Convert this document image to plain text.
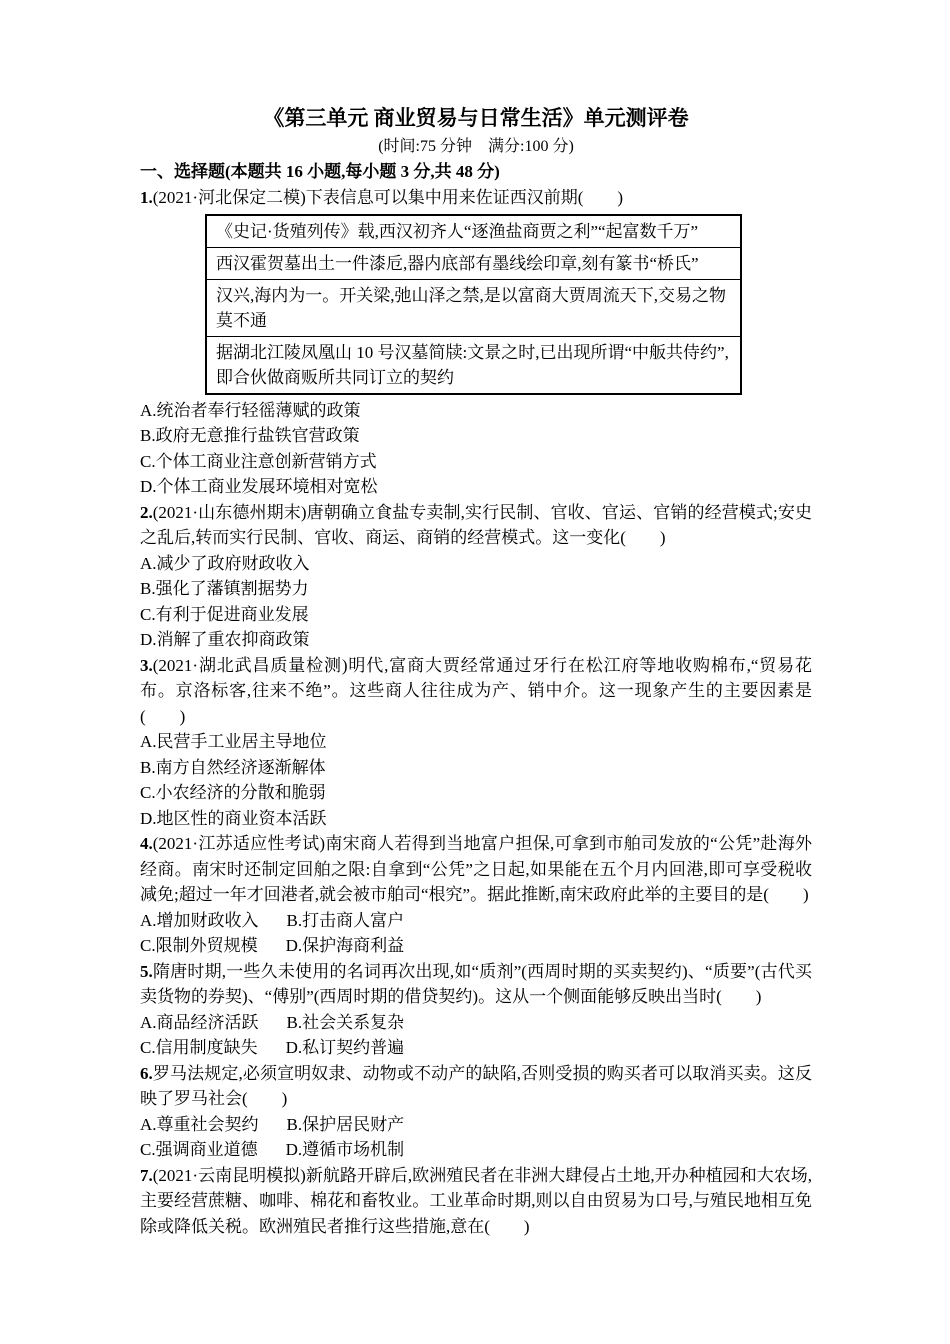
《第三单元 商业贸易与日常生活》单元测评卷
(时间:75 分钟　满分:100 分)
一、选择题(本题共 16 小题,每小题 3 分,共 48 分)
1.(2021·河北保定二模)下表信息可以集中用来佐证西汉前期(　　)
《史记·货殖列传》载,西汉初齐人“逐渔盐商贾之利”“起富数千万”
西汉霍贺墓出土一件漆卮,器内底部有墨线绘印章,刻有篆书“桥氏”
汉兴,海内为一。开关梁,弛山泽之禁,是以富商大贾周流天下,交易之物莫不通
据湖北江陵凤凰山 10 号汉墓简牍:文景之时,已出现所谓“中舨共侍约”,即合伙做商贩所共同订立的契约
A.统治者奉行轻徭薄赋的政策
B.政府无意推行盐铁官营政策
C.个体工商业注意创新营销方式
D.个体工商业发展环境相对宽松
2.(2021·山东德州期末)唐朝确立食盐专卖制,实行民制、官收、官运、官销的经营模式;安史之乱后,转而实行民制、官收、商运、商销的经营模式。这一变化(　　)
A.减少了政府财政收入
B.强化了藩镇割据势力
C.有利于促进商业发展
D.消解了重农抑商政策
3.(2021·湖北武昌质量检测)明代,富商大贾经常通过牙行在松江府等地收购棉布,“贸易花布。京洛标客,往来不绝”。这些商人往往成为产、销中介。这一现象产生的主要因素是(　　)
A.民营手工业居主导地位
B.南方自然经济逐渐解体
C.小农经济的分散和脆弱
D.地区性的商业资本活跃
4.(2021·江苏适应性考试)南宋商人若得到当地富户担保,可拿到市舶司发放的“公凭”赴海外经商。南宋时还制定回舶之限:自拿到“公凭”之日起,如果能在五个月内回港,即可享受税收减免;超过一年才回港者,就会被市舶司“根究”。据此推断,南宋政府此举的主要目的是(　　)
A.增加财政收入 B.打击商人富户
C.限制外贸规模 D.保护海商利益
5.隋唐时期,一些久未使用的名词再次出现,如“质剂”(西周时期的买卖契约)、“质要”(古代买卖货物的券契)、“傅别”(西周时期的借贷契约)。这从一个侧面能够反映出当时(　　)
A.商品经济活跃 B.社会关系复杂
C.信用制度缺失 D.私订契约普遍
6.罗马法规定,必须宣明奴隶、动物或不动产的缺陷,否则受损的购买者可以取消买卖。这反映了罗马社会(　　)
A.尊重社会契约 B.保护居民财产
C.强调商业道德 D.遵循市场机制
7.(2021·云南昆明模拟)新航路开辟后,欧洲殖民者在非洲大肆侵占土地,开办种植园和大农场,主要经营蔗糖、咖啡、棉花和畜牧业。工业革命时期,则以自由贸易为口号,与殖民地相互免除或降低关税。欧洲殖民者推行这些措施,意在(　　)
